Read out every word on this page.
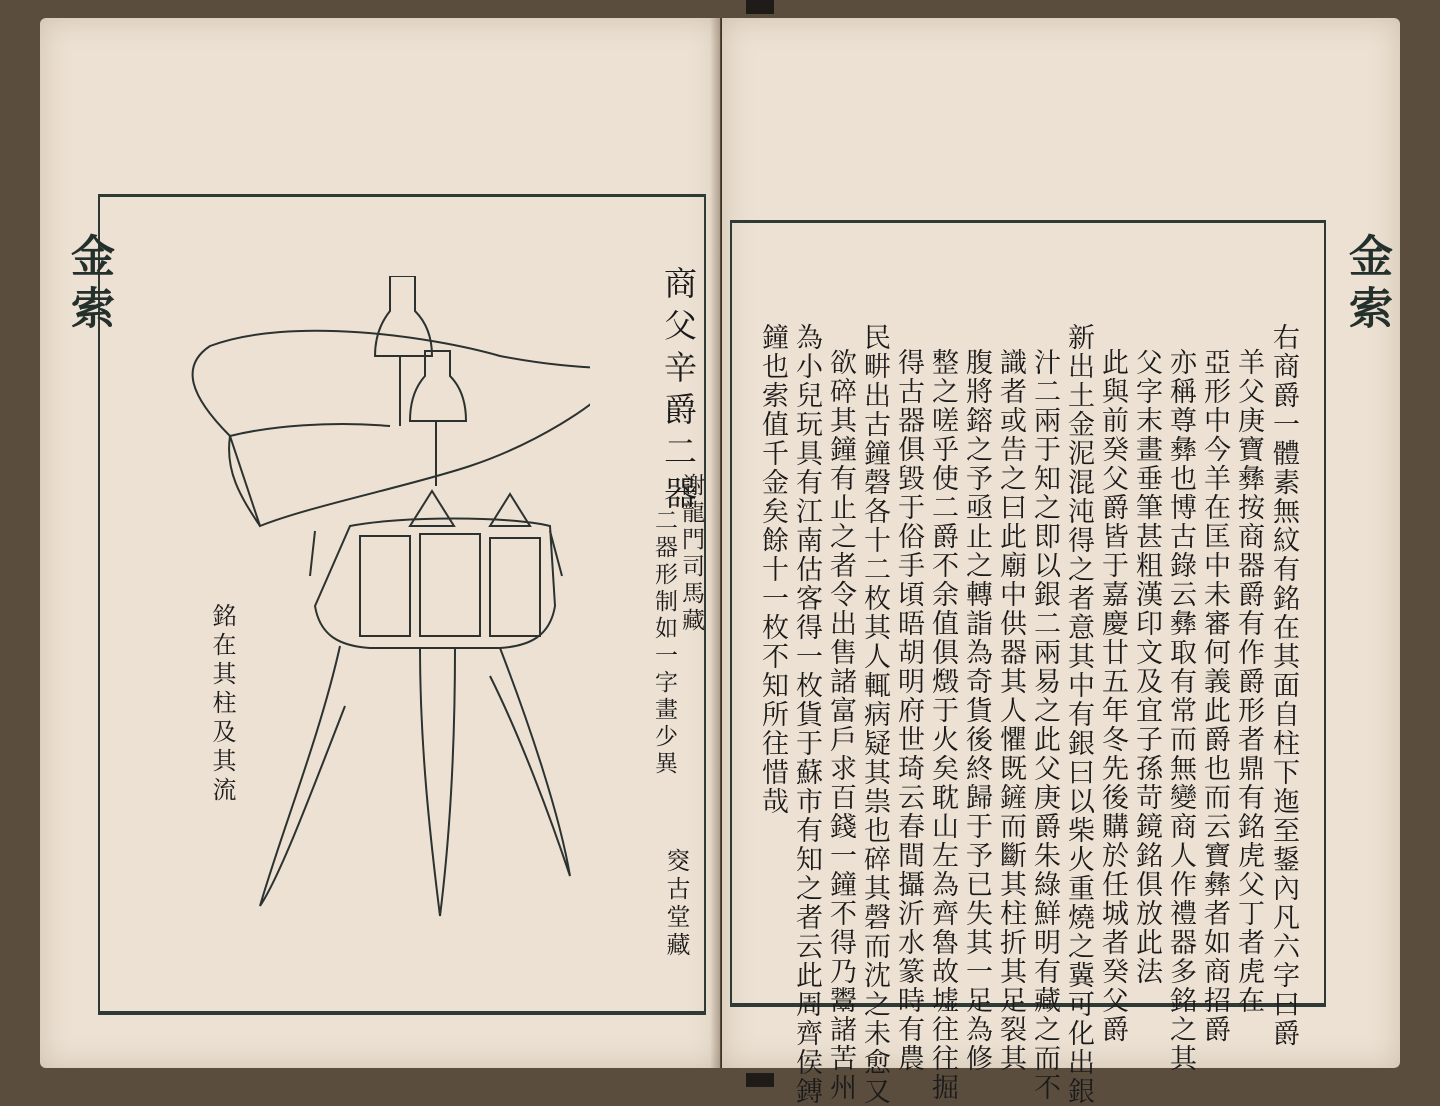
金索	商父辛爵二器
謝龍門司馬藏
二器形制如一字畫少異
銘在其柱及其流
窔古堂藏
金索
右商爵一體素無紋有銘在其面自柱下迤至鋬內凡六字曰爵
羊父庚寶彝按商器爵有作爵形者鼎有銘虎父丁者虎在
亞形中今羊在匡中未審何義此爵也而云寶彝者如商招爵
亦稱尊彝也博古錄云彝取有常而無變商人作禮器多銘之其
父字末畫垂筆甚粗漢印文及宜子孫苛鏡銘俱放此法
此與前癸父爵皆于嘉慶廿五年冬先後購於任城者癸父爵
新出土金泥混沌得之者意其中有銀曰以柴火重燒之冀可化出銀
汁二兩于知之即以銀二兩易之此父庚爵朱綠鮮明有藏之而不
識者或告之曰此廟中供器其人懼既鏟而斷其柱折其足裂其
腹將鎔之予亟止之轉詣為奇貨後終歸于予已失其一足為修
整之嗟乎使二爵不余值俱燬于火矣耽山左為齊魯故墟往往掘
得古器俱毀于俗手頃晤胡明府世琦云春間攝沂水篆時有農
民畊出古鐘磬各十二枚其人輒病疑其祟也碎其磬而沈之未愈又
欲碎其鐘有止之者令出售諸富戶求百錢一鐘不得乃鬻諸苦州
為小兒玩具有江南估客得一枚貨于蘇市有知之者云此周齊侯鎛
鐘也索值千金矣餘十一枚不知所往惜哉
